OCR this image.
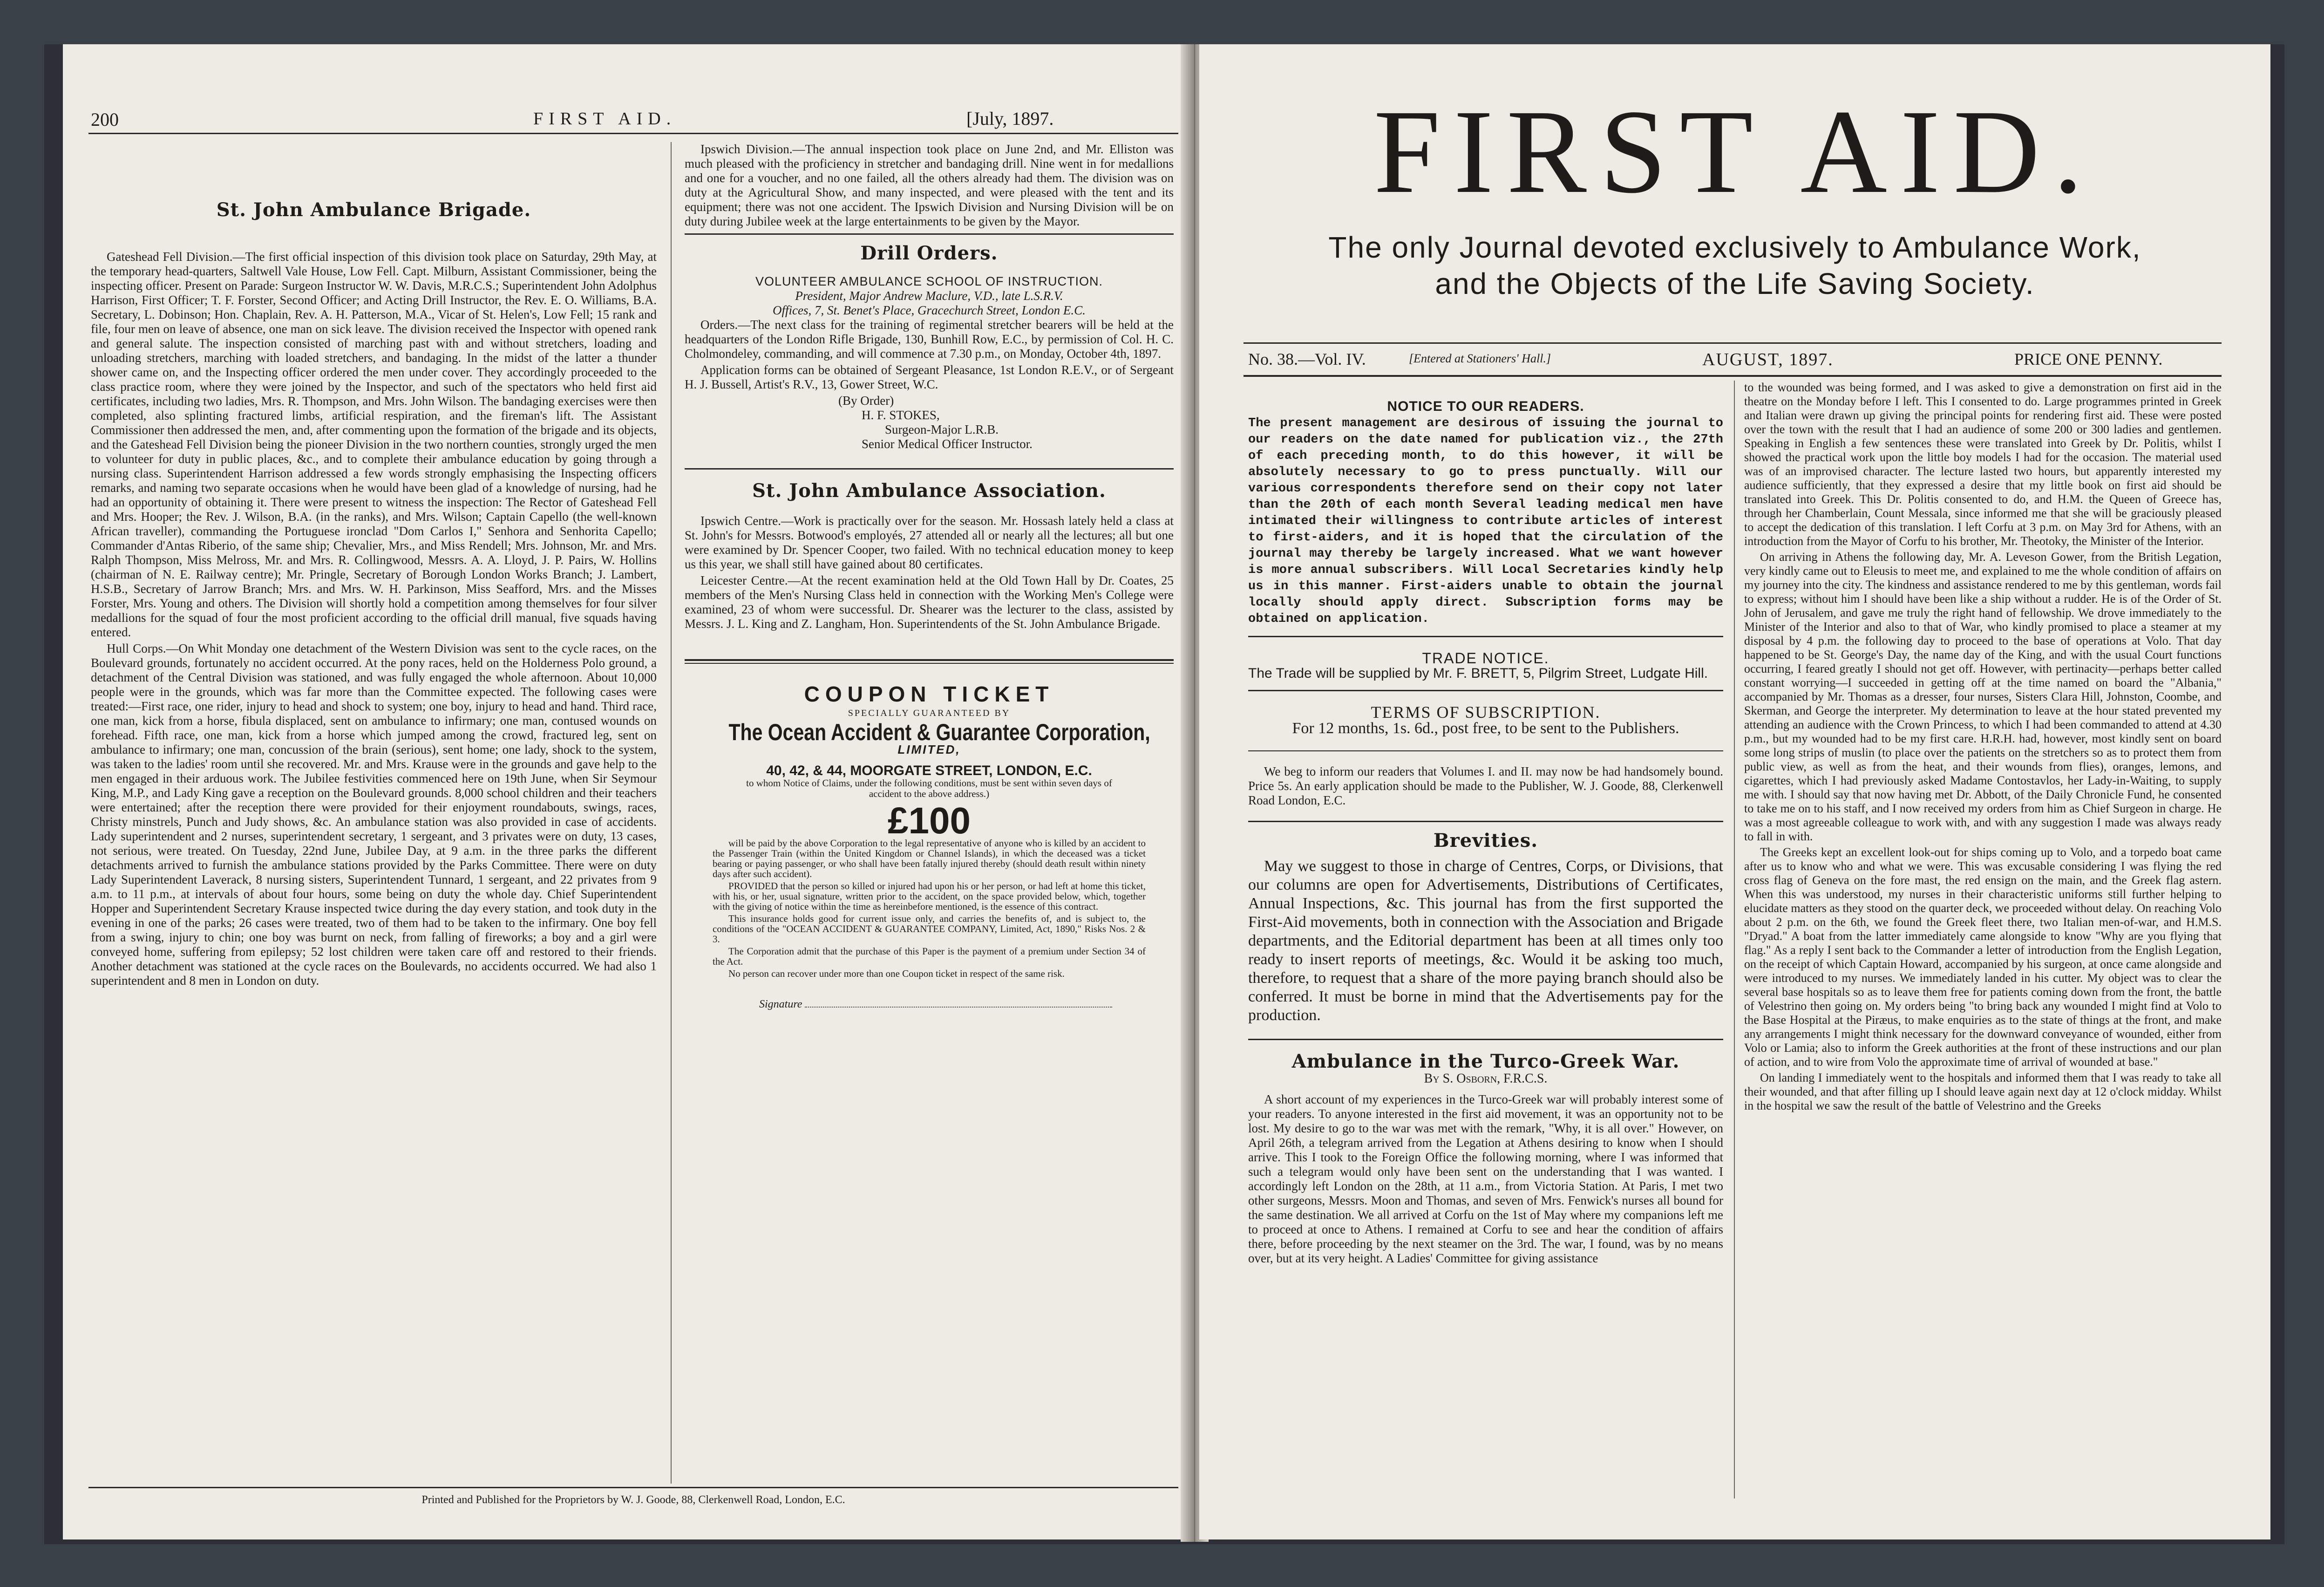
200	FIRST AID.	[July, 1897.
St. John Ambulance Brigade.

Gateshead Fell Division.—The first official inspection of this division took place on Saturday, 29th May, at the temporary head-quarters, Saltwell Vale House, Low Fell. Capt. Milburn, Assistant Commissioner, being the inspecting officer. Present on Parade: Surgeon Instructor W. W. Davis, M.R.C.S.; Superintendent John Adolphus Harrison, First Officer; T. F. Forster, Second Officer; and Acting Drill Instructor, the Rev. E. O. Williams, B.A. Secretary, L. Dobinson; Hon. Chaplain, Rev. A. H. Patterson, M.A., Vicar of St. Helen's, Low Fell; 15 rank and file, four men on leave of absence, one man on sick leave. The division received the Inspector with opened rank and general salute. The inspection consisted of marching past with and without stretchers, loading and unloading stretchers, marching with loaded stretchers, and bandaging. In the midst of the latter a thunder shower came on, and the Inspecting officer ordered the men under cover. They accordingly proceeded to the class practice room, where they were joined by the Inspector, and such of the spectators who held first aid certificates, including two ladies, Mrs. R. Thompson, and Mrs. John Wilson. The bandaging exercises were then completed, also splinting fractured limbs, artificial respiration, and the fireman's lift. The Assistant Commissioner then addressed the men, and, after commenting upon the formation of the brigade and its objects, and the Gateshead Fell Division being the pioneer Division in the two northern counties, strongly urged the men to volunteer for duty in public places, &c., and to complete their ambulance education by going through a nursing class. Superintendent Harrison addressed a few words strongly emphasising the Inspecting officers remarks, and naming two separate occasions when he would have been glad of a knowledge of nursing, had he had an opportunity of obtaining it. There were present to witness the inspection: The Rector of Gateshead Fell and Mrs. Hooper; the Rev. J. Wilson, B.A. (in the ranks), and Mrs. Wilson; Captain Capello (the well-known African traveller), commanding the Portuguese ironclad "Dom Carlos I," Senhora and Senhorita Capello; Commander d'Antas Riberio, of the same ship; Chevalier, Mrs., and Miss Rendell; Mrs. Johnson, Mr. and Mrs. Ralph Thompson, Miss Melross, Mr. and Mrs. R. Collingwood, Messrs. A. A. Lloyd, J. P. Pairs, W. Hollins (chairman of N. E. Railway centre); Mr. Pringle, Secretary of Borough London Works Branch; J. Lambert, H.S.B., Secretary of Jarrow Branch; Mrs. and Mrs. W. H. Parkinson, Miss Seafford, Mrs. and the Misses Forster, Mrs. Young and others. The Division will shortly hold a competition among themselves for four silver medallions for the squad of four the most proficient according to the official drill manual, five squads having entered.

Hull Corps.—On Whit Monday one detachment of the Western Division was sent to the cycle races, on the Boulevard grounds, fortunately no accident occurred. At the pony races, held on the Holderness Polo ground, a detachment of the Central Division was stationed, and was fully engaged the whole afternoon. About 10,000 people were in the grounds, which was far more than the Committee expected. The following cases were treated:—First race, one rider, injury to head and shock to system; one boy, injury to head and hand. Third race, one man, kick from a horse, fibula displaced, sent on ambulance to infirmary; one man, contused wounds on forehead. Fifth race, one man, kick from a horse which jumped among the crowd, fractured leg, sent on ambulance to infirmary; one man, concussion of the brain (serious), sent home; one lady, shock to the system, was taken to the ladies' room until she recovered. Mr. and Mrs. Krause were in the grounds and gave help to the men engaged in their arduous work. The Jubilee festivities commenced here on 19th June, when Sir Seymour King, M.P., and Lady King gave a reception on the Boulevard grounds. 8,000 school children and their teachers were entertained; after the reception there were provided for their enjoyment roundabouts, swings, races, Christy minstrels, Punch and Judy shows, &c. An ambulance station was also provided in case of accidents. Lady superintendent and 2 nurses, superintendent secretary, 1 sergeant, and 3 privates were on duty, 13 cases, not serious, were treated. On Tuesday, 22nd June, Jubilee Day, at 9 a.m. in the three parks the different detachments arrived to furnish the ambulance stations provided by the Parks Committee. There were on duty Lady Superintendent Laverack, 8 nursing sisters, Superintendent Tunnard, 1 sergeant, and 22 privates from 9 a.m. to 11 p.m., at intervals of about four hours, some being on duty the whole day. Chief Superintendent Hopper and Superintendent Secretary Krause inspected twice during the day every station, and took duty in the evening in one of the parks; 26 cases were treated, two of them had to be taken to the infirmary. One boy fell from a swing, injury to chin; one boy was burnt on neck, from falling of fireworks; a boy and a girl were conveyed home, suffering from epilepsy; 52 lost children were taken care off and restored to their friends. Another detachment was stationed at the cycle races on the Boulevards, no accidents occurred. We had also 1 superintendent and 8 men in London on duty.

Ipswich Division.—The annual inspection took place on June 2nd, and Mr. Elliston was much pleased with the proficiency in stretcher and bandaging drill. Nine went in for medallions and one for a voucher, and no one failed, all the others already had them. The division was on duty at the Agricultural Show, and many inspected, and were pleased with the tent and its equipment; there was not one accident. The Ipswich Division and Nursing Division will be on duty during Jubilee week at the large entertainments to be given by the Mayor.

Drill Orders.
VOLUNTEER AMBULANCE SCHOOL OF INSTRUCTION.
President, Major Andrew Maclure, V.D., late L.S.R.V.
Offices, 7, St. Benet's Place, Gracechurch Street, London E.C.

Orders.—The next class for the training of regimental stretcher bearers will be held at the headquarters of the London Rifle Brigade, 130, Bunhill Row, E.C., by permission of Col. H. C. Cholmondeley, commanding, and will commence at 7.30 p.m., on Monday, October 4th, 1897.

Application forms can be obtained of Sergeant Pleasance, 1st London R.E.V., or of Sergeant H. J. Bussell, Artist's R.V., 13, Gower Street, W.C.

(By Order)
H. F. STOKES,
Surgeon-Major L.R.B.
Senior Medical Officer Instructor.
St. John Ambulance Association.

Ipswich Centre.—Work is practically over for the season. Mr. Hossash lately held a class at St. John's for Messrs. Botwood's employés, 27 attended all or nearly all the lectures; all but one were examined by Dr. Spencer Cooper, two failed. With no technical education money to keep us this year, we shall still have gained about 80 certificates.

Leicester Centre.—At the recent examination held at the Old Town Hall by Dr. Coates, 25 members of the Men's Nursing Class held in connection with the Working Men's College were examined, 23 of whom were successful. Dr. Shearer was the lecturer to the class, assisted by Messrs. J. L. King and Z. Langham, Hon. Superintendents of the St. John Ambulance Brigade.

COUPON TICKET
SPECIALLY GUARANTEED BY
The Ocean Accident & Guarantee Corporation,
LIMITED,
40, 42, & 44, MOORGATE STREET, LONDON, E.C.
to whom Notice of Claims, under the following conditions, must be sent within seven days of accident to the above address.)
£100

will be paid by the above Corporation to the legal representative of anyone who is killed by an accident to the Passenger Train (within the United Kingdom or Channel Islands), in which the deceased was a ticket bearing or paying passenger, or who shall have been fatally injured thereby (should death result within ninety days after such accident).

PROVIDED that the person so killed or injured had upon his or her person, or had left at home this ticket, with his, or her, usual signature, written prior to the accident, on the space provided below, which, together with the giving of notice within the time as hereinbefore mentioned, is the essence of this contract.

This insurance holds good for current issue only, and carries the benefits of, and is subject to, the conditions of the "OCEAN ACCIDENT & GUARANTEE COMPANY, Limited, Act, 1890," Risks Nos. 2 & 3.

The Corporation admit that the purchase of this Paper is the payment of a premium under Section 34 of the Act.

No person can recover under more than one Coupon ticket in respect of the same risk.

Signature
Printed and Published for the Proprietors by W. J. Goode, 88, Clerkenwell Road, London, E.C.
FIRST AID.
The only Journal devoted exclusively to Ambulance Work,
and the Objects of the Life Saving Society.
No. 38.—Vol. IV.	[Entered at Stationers' Hall.]	AUGUST, 1897.	PRICE ONE PENNY.
NOTICE TO OUR READERS.
The present management are desirous of issuing the journal to our readers on the date named for publication viz., the 27th of each preceding month, to do this however, it will be absolutely necessary to go to press punctually. Will our various correspondents therefore send on their copy not later than the 20th of each month Several leading medical men have intimated their willingness to contribute articles of interest to first-aiders, and it is hoped that the circulation of the journal may thereby be largely increased. What we want however is more annual subscribers. Will Local Secretaries kindly help us in this manner. First-aiders unable to obtain the journal locally should apply direct. Subscription forms may be obtained on application.
TRADE NOTICE.
The Trade will be supplied by Mr. F. BRETT, 5, Pilgrim Street, Ludgate Hill.
TERMS OF SUBSCRIPTION.
For 12 months, 1s. 6d., post free, to be sent to the Publishers.

We beg to inform our readers that Volumes I. and II. may now be had handsomely bound. Price 5s. An early application should be made to the Publisher, W. J. Goode, 88, Clerkenwell Road London, E.C.

Brevities.

May we suggest to those in charge of Centres, Corps, or Divisions, that our columns are open for Advertisements, Distributions of Certificates, Annual Inspections, &c. This journal has from the first supported the First-Aid movements, both in connection with the Association and Brigade departments, and the Editorial department has been at all times only too ready to insert reports of meetings, &c. Would it be asking too much, therefore, to request that a share of the more paying branch should also be conferred. It must be borne in mind that the Advertisements pay for the production.

Ambulance in the Turco-Greek War.
By S. Osborn, F.R.C.S.

A short account of my experiences in the Turco-Greek war will probably interest some of your readers. To anyone interested in the first aid movement, it was an opportunity not to be lost. My desire to go to the war was met with the remark, "Why, it is all over." However, on April 26th, a telegram arrived from the Legation at Athens desiring to know when I should arrive. This I took to the Foreign Office the following morning, where I was informed that such a telegram would only have been sent on the understanding that I was wanted. I accordingly left London on the 28th, at 11 a.m., from Victoria Station. At Paris, I met two other surgeons, Messrs. Moon and Thomas, and seven of Mrs. Fenwick's nurses all bound for the same destination. We all arrived at Corfu on the 1st of May where my companions left me to proceed at once to Athens. I remained at Corfu to see and hear the condition of affairs there, before proceeding by the next steamer on the 3rd. The war, I found, was by no means over, but at its very height. A Ladies' Committee for giving assistance

to the wounded was being formed, and I was asked to give a demonstration on first aid in the theatre on the Monday before I left. This I consented to do. Large programmes printed in Greek and Italian were drawn up giving the principal points for rendering first aid. These were posted over the town with the result that I had an audience of some 200 or 300 ladies and gentlemen. Speaking in English a few sentences these were translated into Greek by Dr. Politis, whilst I showed the practical work upon the little boy models I had for the occasion. The material used was of an improvised character. The lecture lasted two hours, but apparently interested my audience sufficiently, that they expressed a desire that my little book on first aid should be translated into Greek. This Dr. Politis consented to do, and H.M. the Queen of Greece has, through her Chamberlain, Count Messala, since informed me that she will be graciously pleased to accept the dedication of this translation. I left Corfu at 3 p.m. on May 3rd for Athens, with an introduction from the Mayor of Corfu to his brother, Mr. Theotoky, the Minister of the Interior.

On arriving in Athens the following day, Mr. A. Leveson Gower, from the British Legation, very kindly came out to Eleusis to meet me, and explained to me the whole condition of affairs on my journey into the city. The kindness and assistance rendered to me by this gentleman, words fail to express; without him I should have been like a ship without a rudder. He is of the Order of St. John of Jerusalem, and gave me truly the right hand of fellowship. We drove immediately to the Minister of the Interior and also to that of War, who kindly promised to place a steamer at my disposal by 4 p.m. the following day to proceed to the base of operations at Volo. That day happened to be St. George's Day, the name day of the King, and with the usual Court functions occurring, I feared greatly I should not get off. However, with pertinacity—perhaps better called constant worrying—I succeeded in getting off at the time named on board the "Albania," accompanied by Mr. Thomas as a dresser, four nurses, Sisters Clara Hill, Johnston, Coombe, and Skerman, and George the interpreter. My determination to leave at the hour stated prevented my attending an audience with the Crown Princess, to which I had been commanded to attend at 4.30 p.m., but my wounded had to be my first care. H.R.H. had, however, most kindly sent on board some long strips of muslin (to place over the patients on the stretchers so as to protect them from public view, as well as from the heat, and their wounds from flies), oranges, lemons, and cigarettes, which I had previously asked Madame Contostavlos, her Lady-in-Waiting, to supply me with. I should say that now having met Dr. Abbott, of the Daily Chronicle Fund, he consented to take me on to his staff, and I now received my orders from him as Chief Surgeon in charge. He was a most agreeable colleague to work with, and with any suggestion I made was always ready to fall in with.

The Greeks kept an excellent look-out for ships coming up to Volo, and a torpedo boat came after us to know who and what we were. This was excusable considering I was flying the red cross flag of Geneva on the fore mast, the red ensign on the main, and the Greek flag astern. When this was understood, my nurses in their characteristic uniforms still further helping to elucidate matters as they stood on the quarter deck, we proceeded without delay. On reaching Volo about 2 p.m. on the 6th, we found the Greek fleet there, two Italian men-of-war, and H.M.S. "Dryad." A boat from the latter immediately came alongside to know "Why are you flying that flag." As a reply I sent back to the Commander a letter of introduction from the English Legation, on the receipt of which Captain Howard, accompanied by his surgeon, at once came alongside and were introduced to my nurses. We immediately landed in his cutter. My object was to clear the several base hospitals so as to leave them free for patients coming down from the front, the battle of Velestrino then going on. My orders being "to bring back any wounded I might find at Volo to the Base Hospital at the Piræus, to make enquiries as to the state of things at the front, and make any arrangements I might think necessary for the downward conveyance of wounded, either from Volo or Lamia; also to inform the Greek authorities at the front of these instructions and our plan of action, and to wire from Volo the approximate time of arrival of wounded at base."

On landing I immediately went to the hospitals and informed them that I was ready to take all their wounded, and that after filling up I should leave again next day at 12 o'clock midday. Whilst in the hospital we saw the result of the battle of Velestrino and the Greeks
